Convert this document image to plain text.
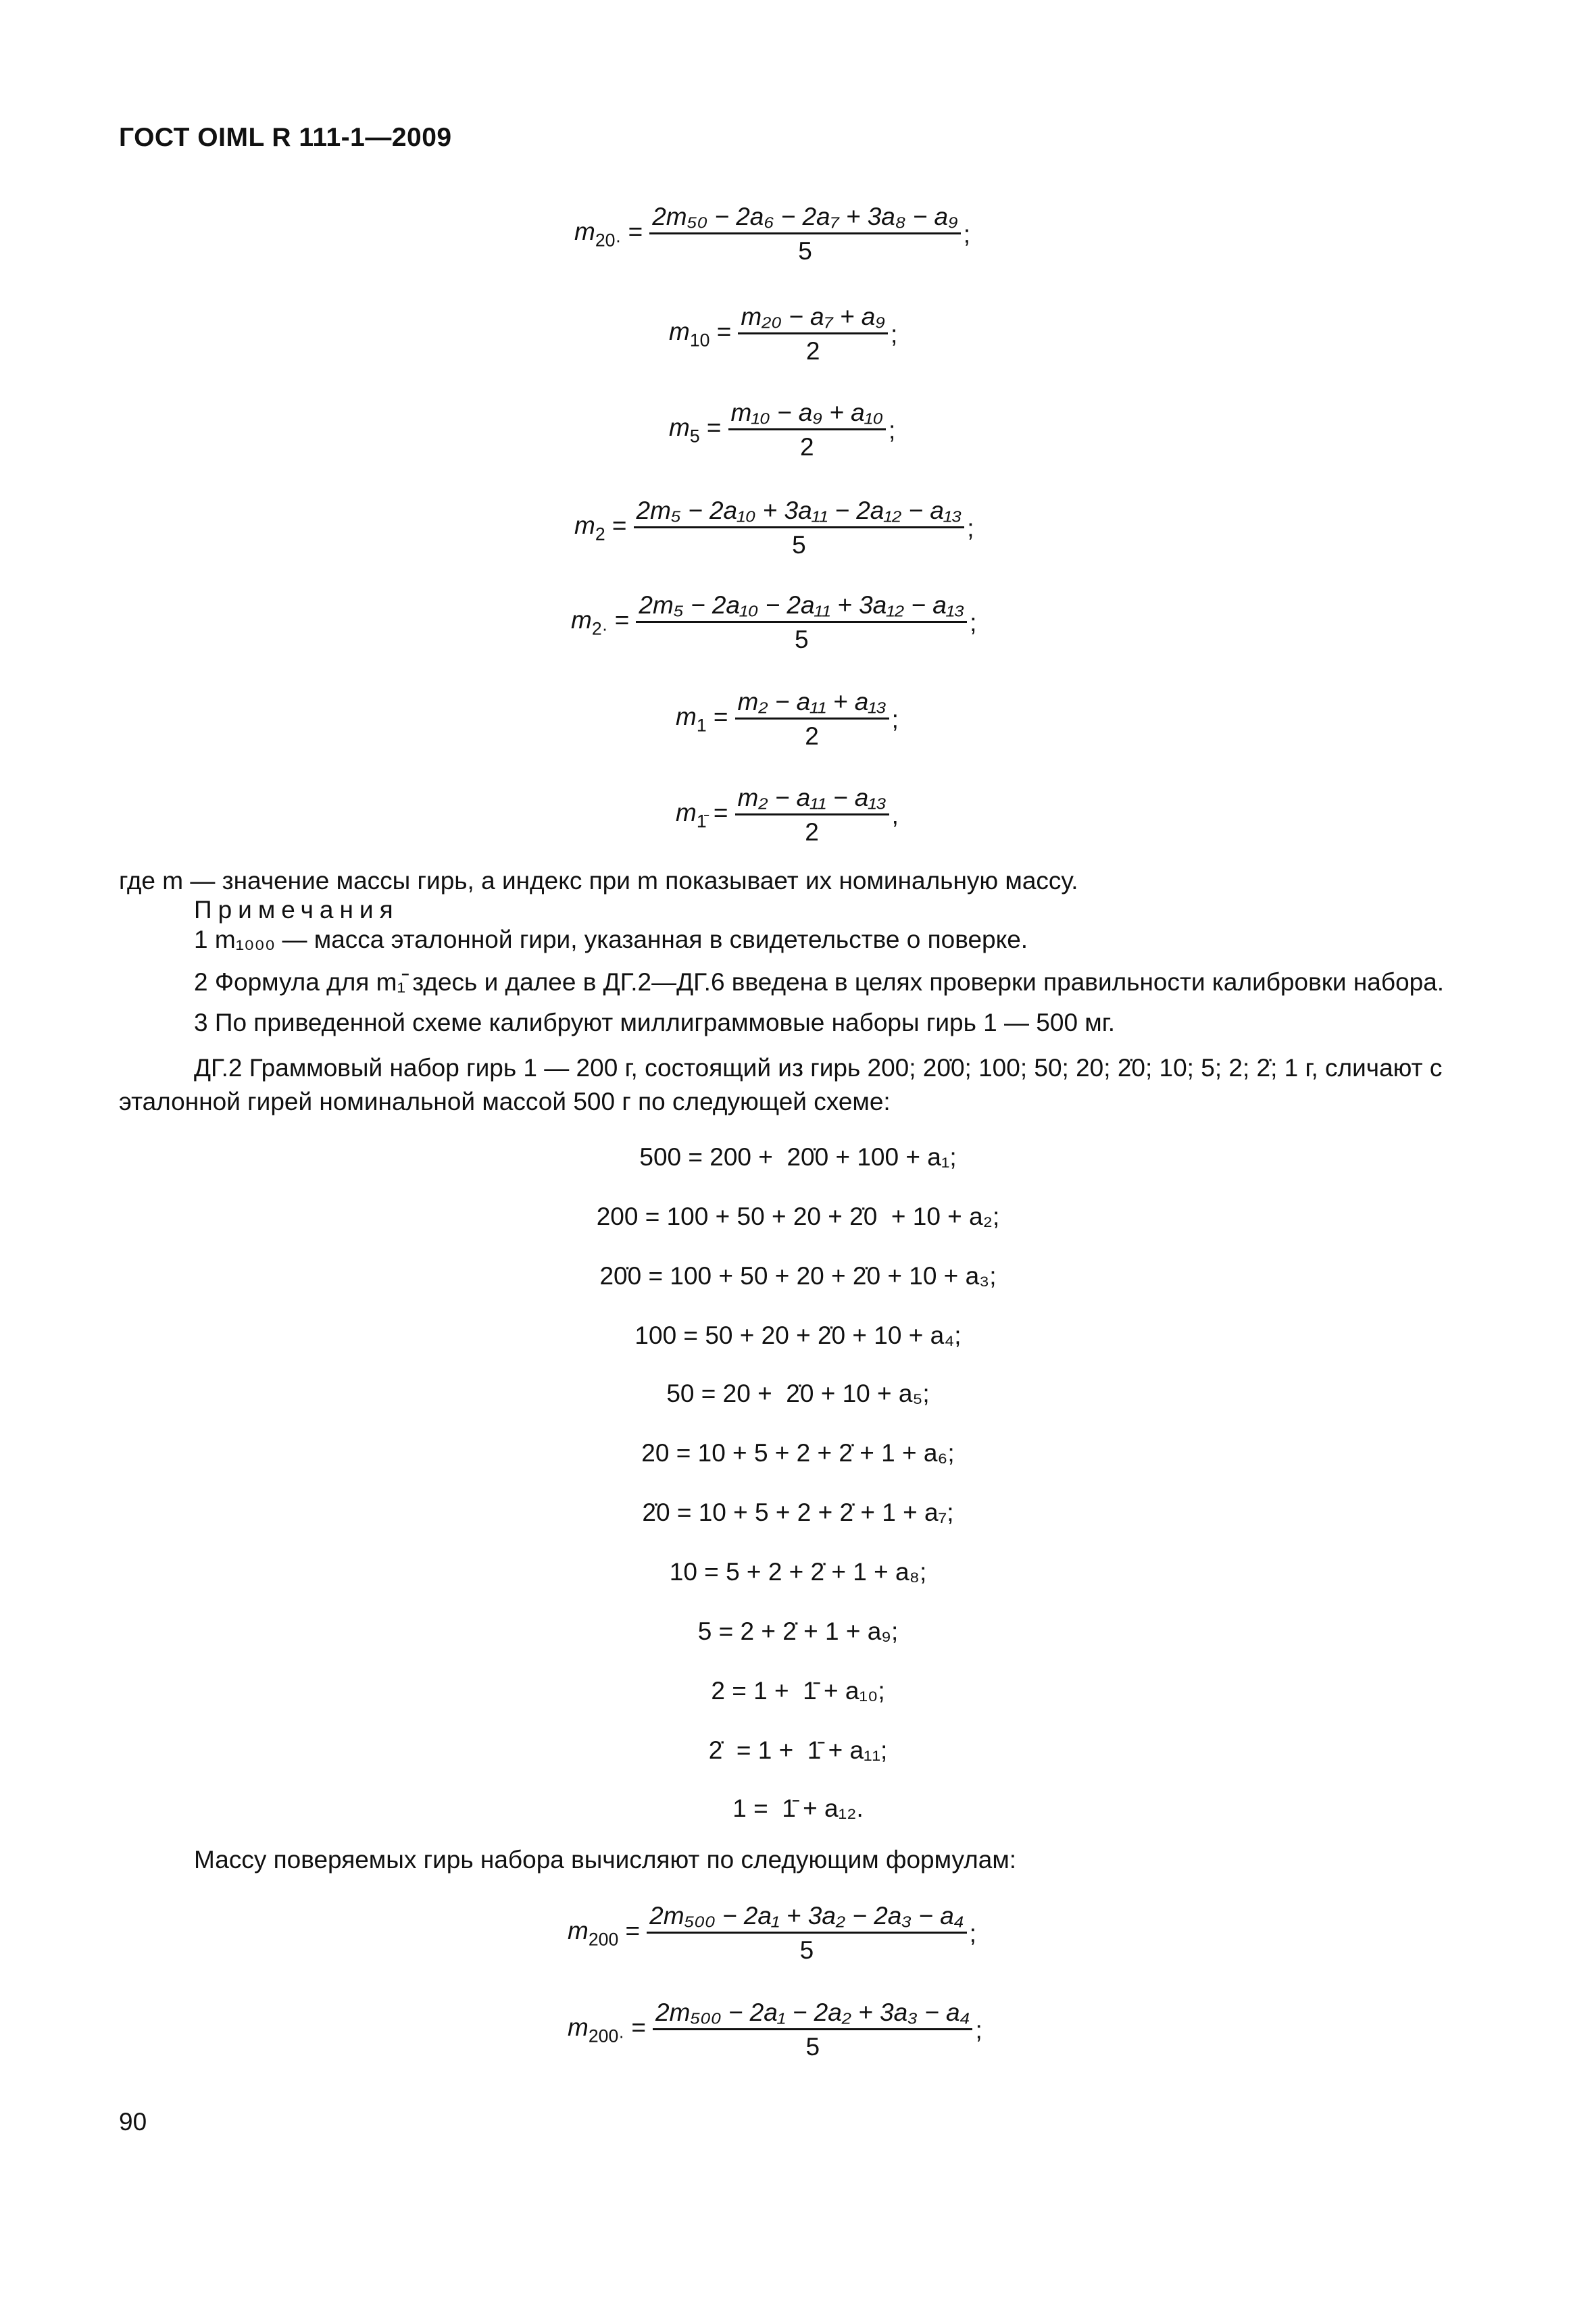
ГОСТ OIML R 111-1—2009
$m_{20\cdot} = \frac{\text{2m₅₀ − 2a₆ − 2a₇ + 3a₈ − a₉}}{5}$ ;
$m_{10} = \frac{\text{m₂₀ − a₇ + a₉}}{2}$ ;
$m_5 = \frac{\text{m₁₀ − a₉ + a₁₀}}{2}$ ;
$m_2 = \frac{\text{2m₅ − 2a₁₀ + 3a₁₁ − 2a₁₂ − a₁₃}}{5}$ ;
$m_{2\cdot} = \frac{\text{2m₅ − 2a₁₀ − 2a₁₁ + 3a₁₂ − a₁₃}}{5}$ ;
$m_1 = \frac{\text{m₂ − a₁₁ + a₁₃}}{2}$ ;
$m_{1̄} = \frac{\text{m₂ − a₁₁ − a₁₃}}{2}$ ,
где m — значение массы гирь, а индекс при m показывает их номинальную массу.
Примечания
1 m₁₀₀₀ — масса эталонной гири, указанная в свидетельстве о поверке.
2 Формула для m₁̄ здесь и далее в ДГ.2—ДГ.6 введена в целях проверки правильности калибровки набора.
3 По приведенной схеме калибруют миллиграммовые наборы гирь 1 — 500 мг.
ДГ.2 Граммовый набор гирь 1 — 200 г, состоящий из гирь 200; 20̇0; 100; 50; 20; 2̇0; 10; 5; 2; 2̇; 1 г, сличают с
эталонной гирей номинальной массой 500 г по следующей схеме:
500 = 200 +  20̇0 + 100 + a₁;
200 = 100 + 50 + 20 + 2̇0  + 10 + a₂;
20̇0 = 100 + 50 + 20 + 2̇0 + 10 + a₃;
100 = 50 + 20 + 2̇0 + 10 + a₄;
50 = 20 +  2̇0 + 10 + a₅;
20 = 10 + 5 + 2 + 2̇ + 1 + a₆;
2̇0 = 10 + 5 + 2 + 2̇ + 1 + a₇;
10 = 5 + 2 + 2̇ + 1 + a₈;
5 = 2 + 2̇ + 1 + a₉;
2 = 1 +  1̄ + a₁₀;
2̇  = 1 +  1̄ + a₁₁;
1 =  1̄ + a₁₂.
Массу поверяемых гирь набора вычисляют по следующим формулам:
$m_{200} = \frac{\text{2m₅₀₀ − 2a₁ + 3a₂ − 2a₃ − a₄}}{5}$ ;
$m_{200\cdot} = \frac{\text{2m₅₀₀ − 2a₁ − 2a₂ + 3a₃ − a₄}}{5}$ ;
90
